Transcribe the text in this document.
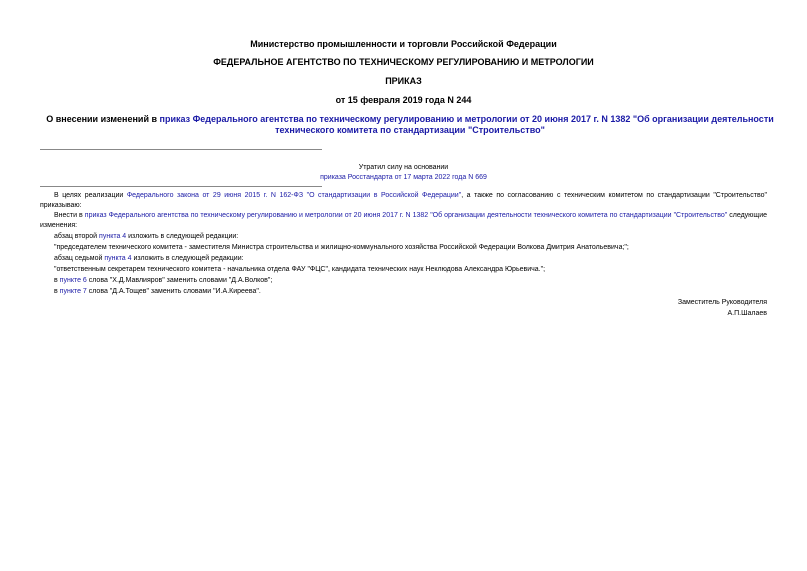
Министерство промышленности и торговли Российской Федерации
ФЕДЕРАЛЬНОЕ АГЕНТСТВО ПО ТЕХНИЧЕСКОМУ РЕГУЛИРОВАНИЮ И МЕТРОЛОГИИ
ПРИКАЗ
от 15 февраля 2019 года N 244
О внесении изменений в приказ Федерального агентства по техническому регулированию и метрологии от 20 июня 2017 г. N 1382 "Об организации деятельности технического комитета по стандартизации "Строительство"
Утратил силу на основании
приказа Росстандарта от 17 марта 2022 года N 669
В целях реализации Федерального закона от 29 июня 2015 г. N 162-ФЗ "О стандартизации в Российской Федерации", а также по согласованию с техническим комитетом по стандартизации "Строительство" приказываю:
Внести в приказ Федерального агентства по техническому регулированию и метрологии от 20 июня 2017 г. N 1382 "Об организации деятельности технического комитета по стандартизации "Строительство" следующие изменения:
абзац второй пункта 4 изложить в следующей редакции:
"председателем технического комитета - заместителя Министра строительства и жилищно-коммунального хозяйства Российской Федерации Волкова Дмитрия Анатольевича;";
абзац седьмой пункта 4 изложить в следующей редакции:
"ответственным секретарем технического комитета - начальника отдела ФАУ "ФЦС", кандидата технических наук Неклюдова Александра Юрьевича.";
в пункте 6 слова "Х.Д.Мавлияров" заменить словами "Д.А.Волков";
в пункте 7 слова "Д.А.Тощев" заменить словами "И.А.Киреева".
Заместитель Руководителя
А.П.Шалаев
